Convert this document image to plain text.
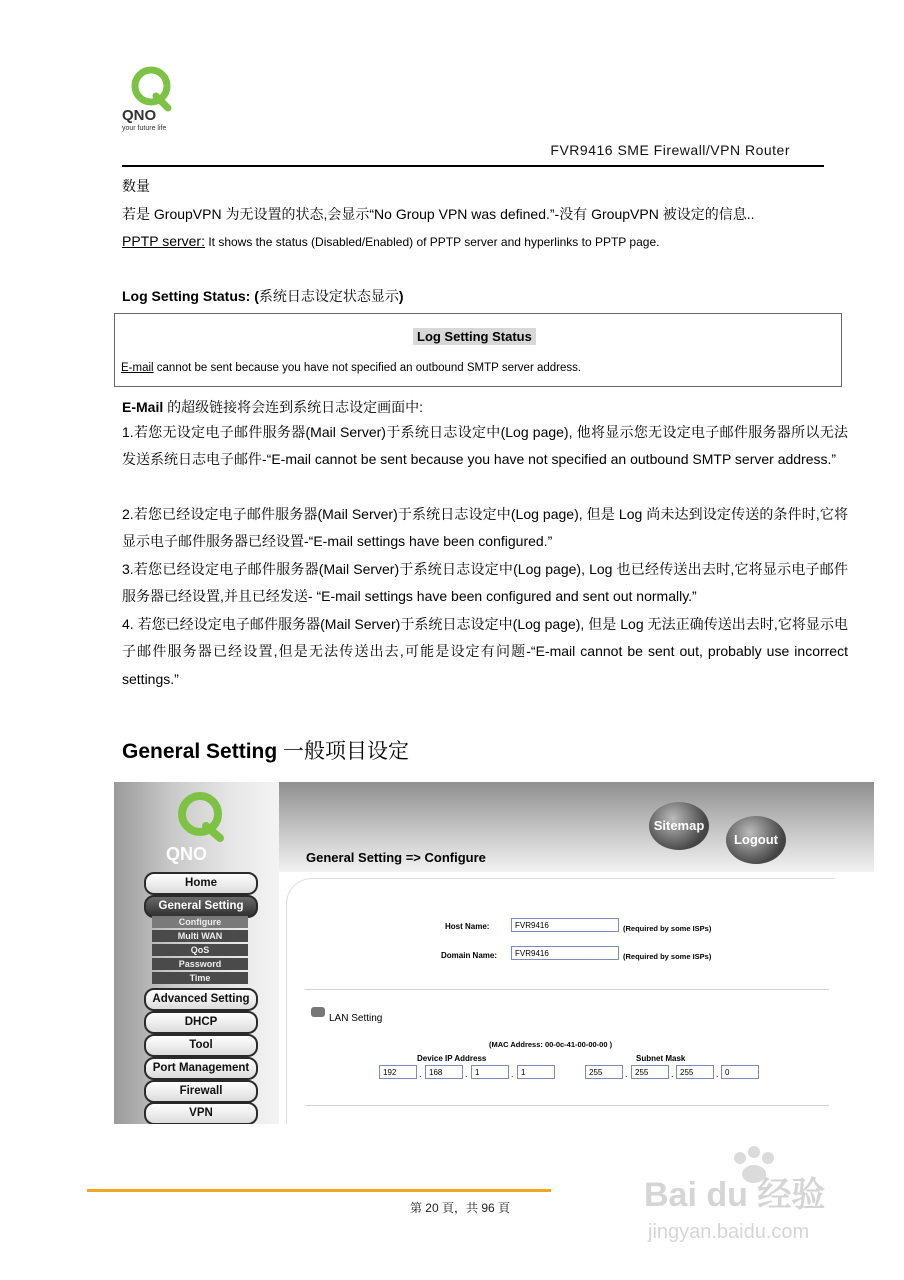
QNO
your future life
FVR9416 SME Firewall/VPN Router
数量
若是 GroupVPN 为无设置的状态,会显示“No Group VPN was defined.”-没有 GroupVPN 被设定的信息..
PPTP server: It shows the status (Disabled/Enabled) of PPTP server and hyperlinks to PPTP page.
Log Setting Status: (系统日志设定状态显示)
Log Setting Status
E-mail cannot be sent because you have not specified an outbound SMTP server address.
E-Mail 的超级链接将会连到系统日志设定画面中:
1.若您无设定电子邮件服务器(Mail Server)于系统日志设定中(Log page), 他将显示您无设定电子邮件服务器所以无法发送系统日志电子邮件-“E-mail cannot be sent because you have not specified an outbound SMTP server address.”
2.若您已经设定电子邮件服务器(Mail Server)于系统日志设定中(Log page), 但是 Log 尚未达到设定传送的条件时,它将显示电子邮件服务器已经设置-“E-mail settings have been configured.”
3.若您已经设定电子邮件服务器(Mail Server)于系统日志设定中(Log page), Log 也已经传送出去时,它将显示电子邮件服务器已经设置,并且已经发送- “E-mail settings have been configured and sent out normally.”
4. 若您已经设定电子邮件服务器(Mail Server)于系统日志设定中(Log page), 但是 Log 无法正确传送出去时,它将显示电子邮件服务器已经设置,但是无法传送出去,可能是设定有问题-“E-mail cannot be sent out, probably use incorrect settings.”
General Setting 一般项目设定
QNO
Home
General Setting
Configure
Multi WAN
QoS
Password
Time
Advanced Setting
DHCP
Tool
Port Management
Firewall
VPN
Sitemap
Logout
General Setting => Configure
Host Name:	FVR9416	(Required by some ISPs)
Domain Name:	FVR9416	(Required by some ISPs)
LAN Setting
(MAC Address: 00-0c-41-00-00-00 )
Device IP Address	Subnet Mask
192	. 168	. 1	. 1	255	. 255	. 255	. 0
第 20 頁，共 96 頁	Bai du 经验
jingyan.baidu.com
